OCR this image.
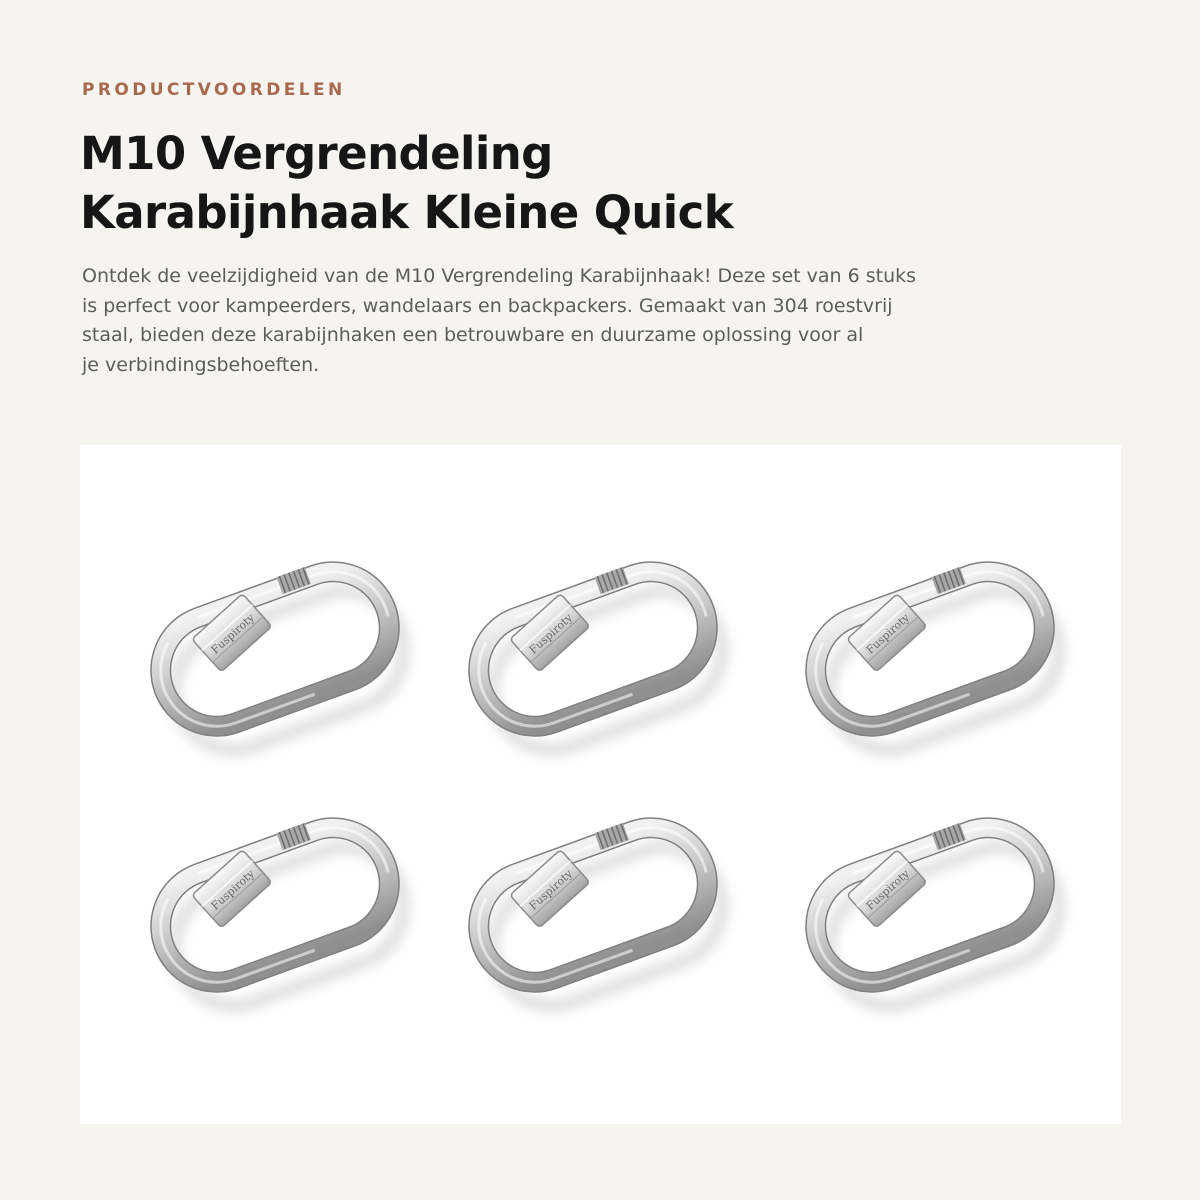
PRODUCTVOORDELEN
M10 Vergrendeling
Karabijnhaak Kleine Quick

Ontdek de veelzijdigheid van de M10 Vergrendeling Karabijnhaak! Deze set van 6 stuks
is perfect voor kampeerders, wandelaars en backpackers. Gemaakt van 304 roestvrij
staal, bieden deze karabijnhaken een betrouwbare en duurzame oplossing voor al
je verbindingsbehoeften.

Fuspiroty
